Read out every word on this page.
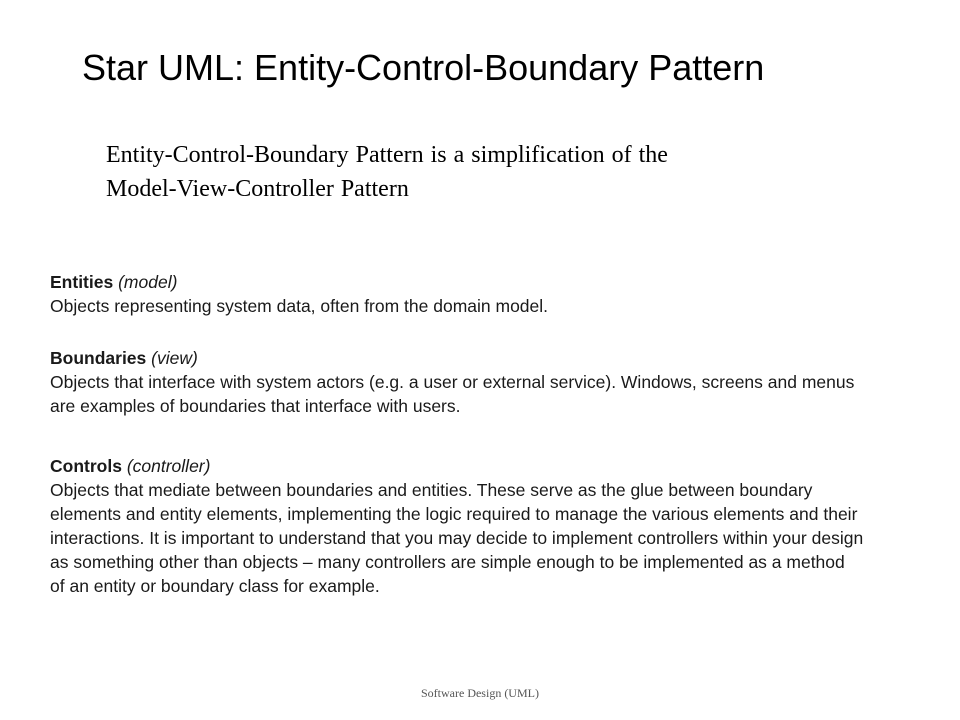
Star UML: Entity-Control-Boundary Pattern
Entity-Control-Boundary Pattern is a simplification of the
Model-View-Controller Pattern
Entities (model)
Objects representing system data, often from the domain model.
Boundaries (view)
Objects that interface with system actors (e.g. a user or external service). Windows, screens and menus
are examples of boundaries that interface with users.
Controls (controller)
Objects that mediate between boundaries and entities. These serve as the glue between boundary
elements and entity elements, implementing the logic required to manage the various elements and their
interactions. It is important to understand that you may decide to implement controllers within your design
as something other than objects – many controllers are simple enough to be implemented as a method
of an entity or boundary class for example.
Software Design (UML)
